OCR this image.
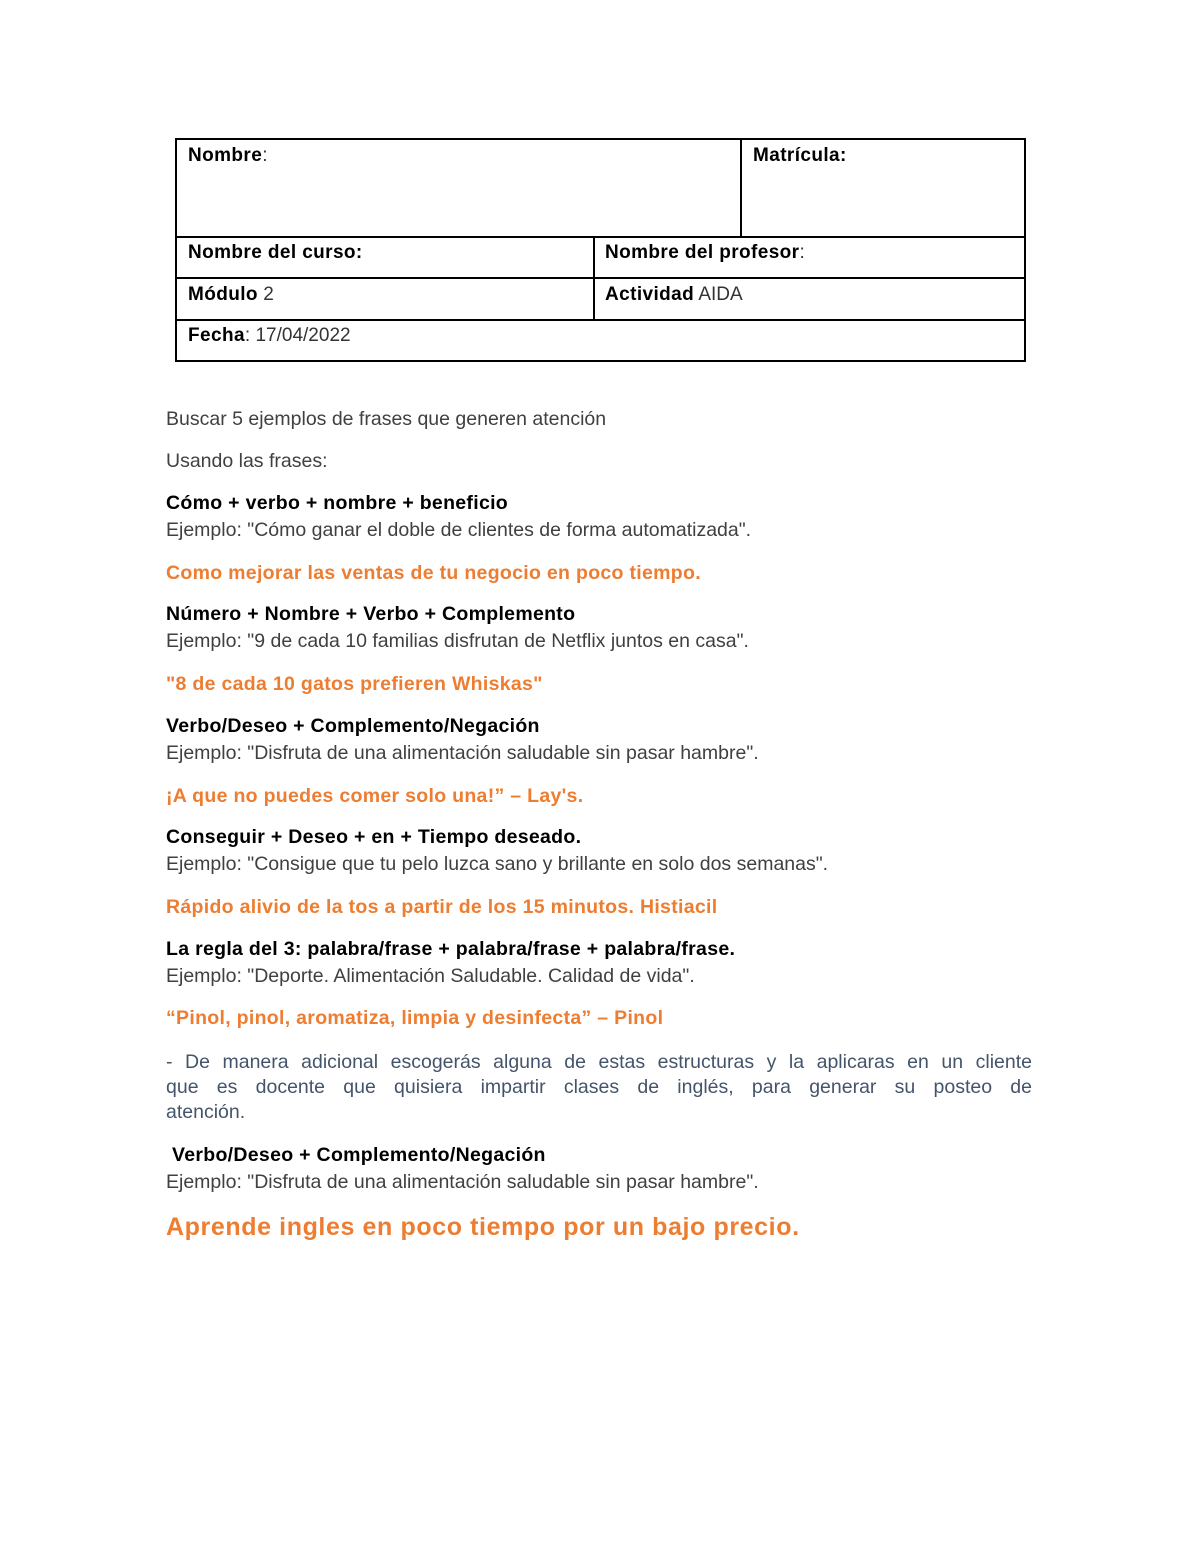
Nombre:	Matrícula:
Nombre del curso:	Nombre del profesor:
Módulo 2	Actividad AIDA
Fecha: 17/04/2022
Buscar 5 ejemplos de frases que generen atención
Usando las frases:
Cómo + verbo + nombre + beneficio
Ejemplo: "Cómo ganar el doble de clientes de forma automatizada".
Como mejorar las ventas de tu negocio en poco tiempo.
Número + Nombre + Verbo + Complemento
Ejemplo: "9 de cada 10 familias disfrutan de Netflix juntos en casa".
"8 de cada 10 gatos prefieren Whiskas"
Verbo/Deseo + Complemento/Negación
Ejemplo: "Disfruta de una alimentación saludable sin pasar hambre".
¡A que no puedes comer solo una!” – Lay's.
Conseguir + Deseo + en + Tiempo deseado.
Ejemplo: "Consigue que tu pelo luzca sano y brillante en solo dos semanas".
Rápido alivio de la tos a partir de los 15 minutos. Histiacil
La regla del 3: palabra/frase + palabra/frase + palabra/frase.
Ejemplo: "Deporte. Alimentación Saludable. Calidad de vida".
“Pinol, pinol, aromatiza, limpia y desinfecta” – Pinol
- De manera adicional escogerás alguna de estas estructuras y la aplicaras en un cliente
que es docente que quisiera impartir clases de inglés, para generar su posteo de
atención.
Verbo/Deseo + Complemento/Negación
Ejemplo: "Disfruta de una alimentación saludable sin pasar hambre".
Aprende ingles en poco tiempo por un bajo precio.
